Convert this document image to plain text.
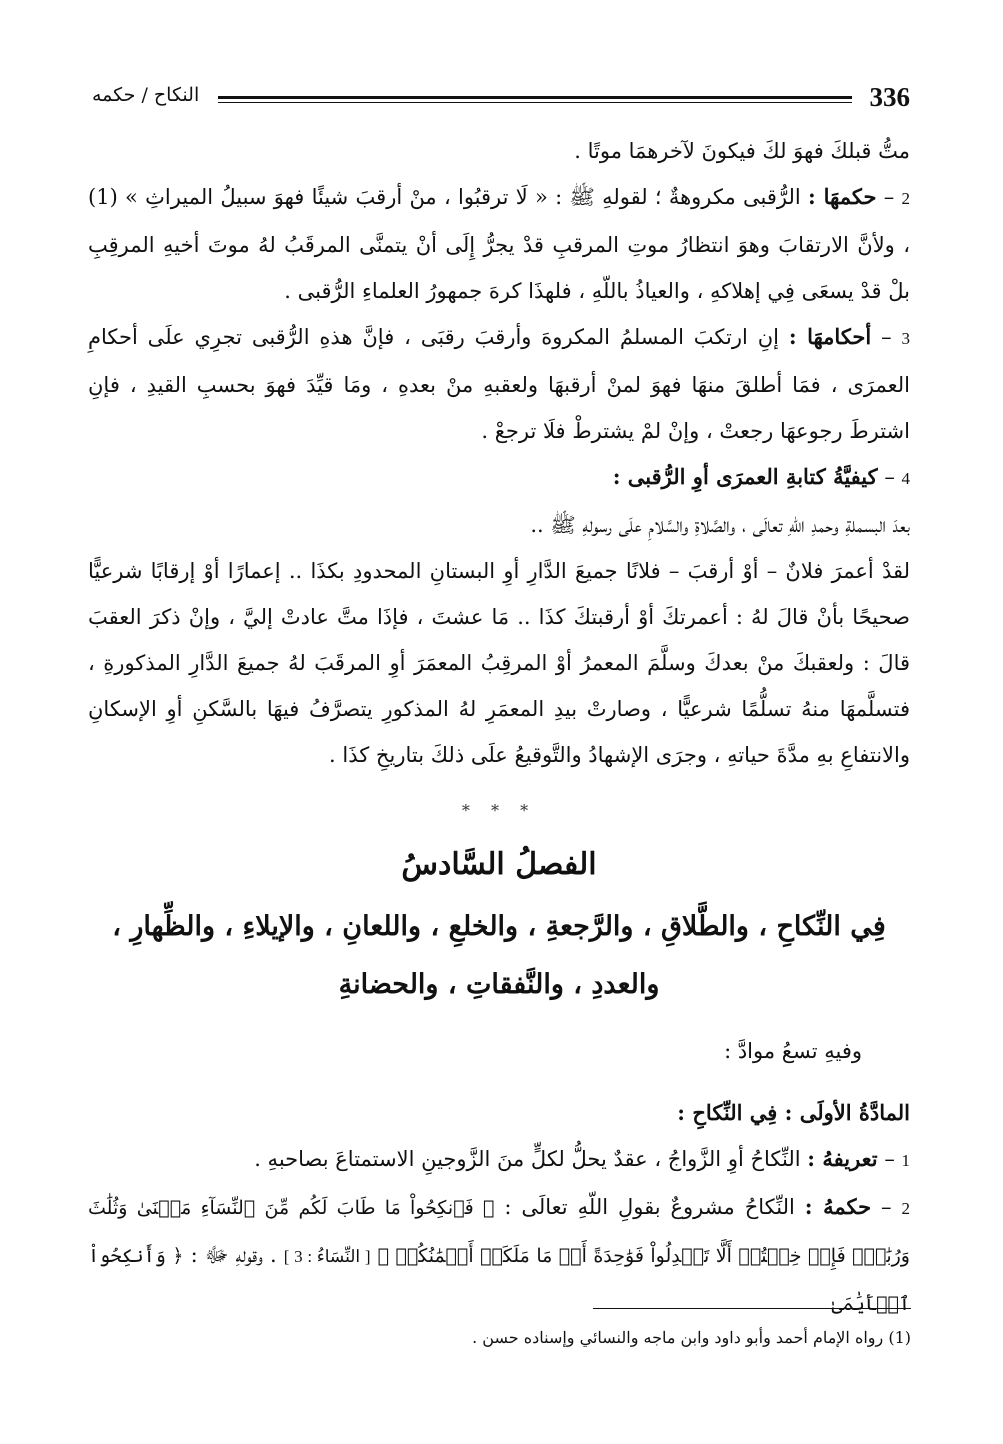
النكاح / حكمه	336

متُّ قبلكَ فهوَ لكَ فيكونَ لآخرهمَا موتًا .

2 – حكمهَا : الرُّقبى مكروهةٌ ؛ لقولهِ ﷺ : « لَا ترقبُوا ، منْ أرقبَ شيئًا فهوَ سبيلُ الميراثِ » (1) ، ولأنَّ الارتقابَ وهوَ انتظارُ موتِ المرقبِ قدْ يجرُّ إِلَى أنْ يتمنَّى المرقَبُ لهُ موتَ أخيهِ المرقِبِ بلْ قدْ يسعَى فِي إهلاكهِ ، والعياذُ باللّهِ ، فلهذَا كرهَ جمهورُ العلماءِ الرُّقبى .

3 – أحكامهَا : إنِ ارتكبَ المسلمُ المكروهَ وأرقبَ رقبَى ، فإنَّ هذهِ الرُّقبى تجرِي علَى أحكامِ العمرَى ، فمَا أطلقَ منهَا فهوَ لمنْ أرقبهَا ولعقبهِ منْ بعدهِ ، ومَا قيِّدَ فهوَ بحسبِ القيدِ ، فإنِ اشترطَ رجوعهَا رجعتْ ، وإنْ لمْ يشترطْ فلَا ترجعْ .

4 – كيفيَّةُ كتابةِ العمرَى أوِ الرُّقبى :

بعدَ البسملةِ وحمدِ اللّهِ تعالَى ، والصَّلاةِ والسَّلامِ علَى رسولهِ ﷺ ..

لقدْ أعمرَ فلانٌ – أوْ أرقبَ – فلانًا جميعَ الدَّارِ أوِ البستانِ المحدودِ بكذَا .. إعمارًا أوْ إرقابًا شرعيًّا صحيحًا بأنْ قالَ لهُ : أعمرتكَ أوْ أرقبتكَ كذَا .. مَا عشتَ ، فإذَا متَّ عادتْ إليَّ ، وإنْ ذكرَ العقبَ قالَ : ولعقبكَ منْ بعدكَ وسلَّمَ المعمرُ أوْ المرقِبُ المعمَرَ أوِ المرقَبَ لهُ جميعَ الدَّارِ المذكورةِ ، فتسلَّمهَا منهُ تسلُّمًا شرعيًّا ، وصارتْ بيدِ المعمَرِ لهُ المذكورِ يتصرَّفُ فيهَا بالسَّكنِ أوِ الإسكانِ والانتفاعِ بهِ مدَّةَ حياتهِ ، وجرَى الإشهادُ والتَّوقيعُ علَى ذلكَ بتاريخِ كذَا .

* * *
الفصلُ السَّادسُ
فِي النِّكاحِ ، والطَّلاقِ ، والرَّجعةِ ، والخلعِ ، واللعانِ ، والإيلاءِ ، والظِّهارِ ،
والعددِ ، والنَّفقاتِ ، والحضانةِ

وفيهِ تسعُ موادَّ :

المادَّةُ الأولَى : فِي النِّكاحِ :

1 – تعريفهُ : النِّكاحُ أوِ الزَّواجُ ، عقدٌ يحلُّ لكلٍّ منَ الزَّوجينِ الاستمتاعَ بصاحبهِ .

2 – حكمهُ : النِّكاحُ مشروعٌ بقولِ اللّهِ تعالَى : ﴿ فَٱنكِحُواْ مَا طَابَ لَكُم مِّنَ ٱلنِّسَآءِ مَثۡنَىٰ وَثُلَٰثَ وَرُبَٰعَۖ فَإِنۡ خِفۡتُمۡ أَلَّا تَعۡدِلُواْ فَوَٰحِدَةً أَوۡ مَا مَلَكَتۡ أَيۡمَٰنُكُمۡ ﴾ [ النِّسَاءُ : 3 ] . وقولهِ ﷻ : ﴿ وَأَنكِحُواْ ٱلۡأَيَٰمَىٰ

(1) رواه الإمام أحمد وأبو داود وابن ماجه والنسائي وإسناده حسن .
